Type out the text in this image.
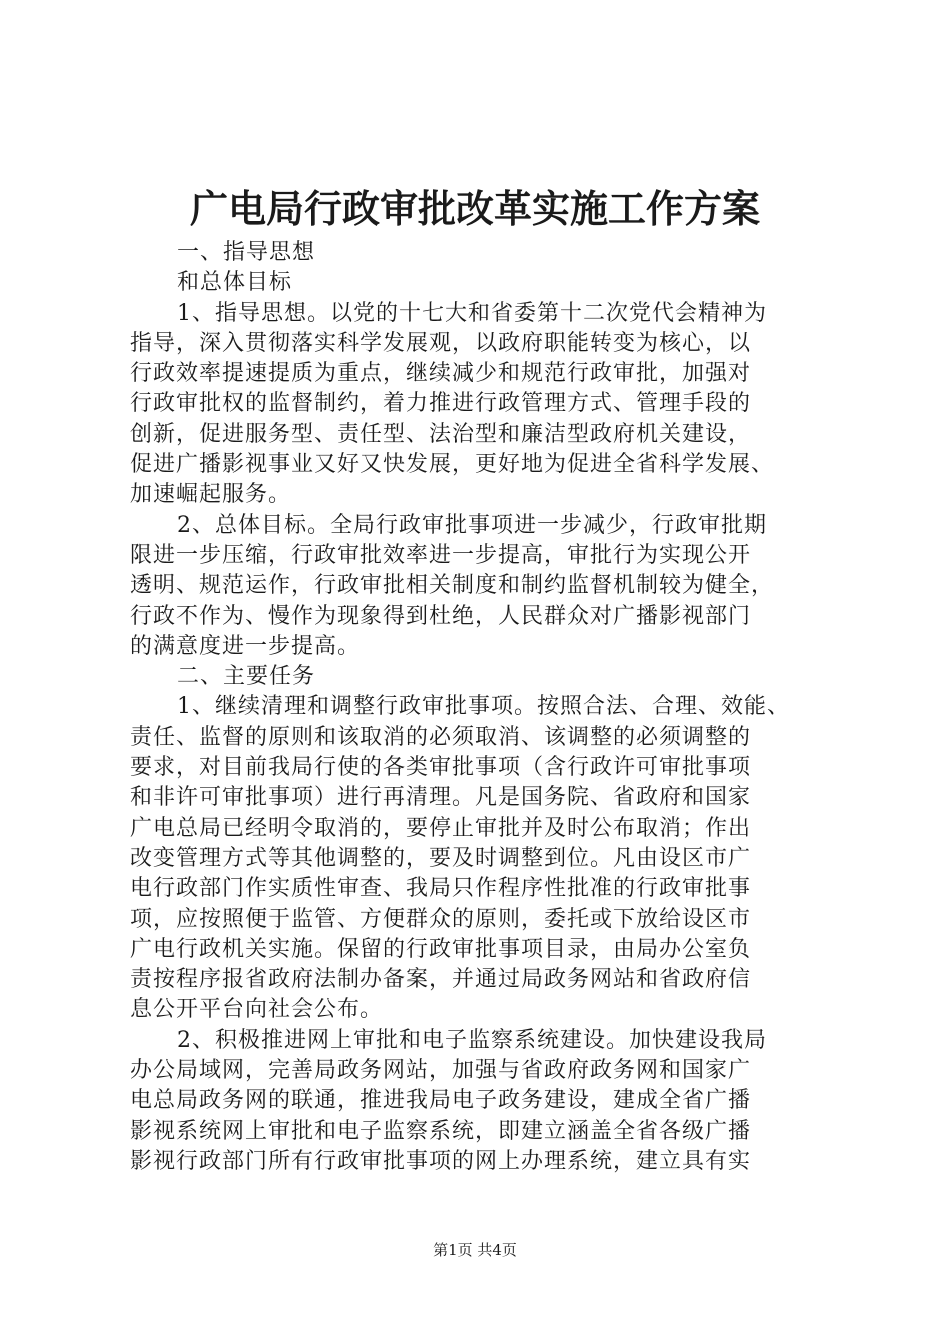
广电局行政审批改革实施工作方案
一、指导思想
和总体目标
1、指导思想。以党的十七大和省委第十二次党代会精神为
指导，深入贯彻落实科学发展观，以政府职能转变为核心，以
行政效率提速提质为重点，继续减少和规范行政审批，加强对
行政审批权的监督制约，着力推进行政管理方式、管理手段的
创新，促进服务型、责任型、法治型和廉洁型政府机关建设，
促进广播影视事业又好又快发展，更好地为促进全省科学发展、
加速崛起服务。
2、总体目标。全局行政审批事项进一步减少，行政审批期
限进一步压缩，行政审批效率进一步提高，审批行为实现公开
透明、规范运作，行政审批相关制度和制约监督机制较为健全，
行政不作为、慢作为现象得到杜绝，人民群众对广播影视部门
的满意度进一步提高。
二、主要任务
1、继续清理和调整行政审批事项。按照合法、合理、效能、
责任、监督的原则和该取消的必须取消、该调整的必须调整的
要求，对目前我局行使的各类审批事项（含行政许可审批事项
和非许可审批事项）进行再清理。凡是国务院、省政府和国家
广电总局已经明令取消的，要停止审批并及时公布取消；作出
改变管理方式等其他调整的，要及时调整到位。凡由设区市广
电行政部门作实质性审查、我局只作程序性批准的行政审批事
项，应按照便于监管、方便群众的原则，委托或下放给设区市
广电行政机关实施。保留的行政审批事项目录，由局办公室负
责按程序报省政府法制办备案，并通过局政务网站和省政府信
息公开平台向社会公布。
2、积极推进网上审批和电子监察系统建设。加快建设我局
办公局域网，完善局政务网站，加强与省政府政务网和国家广
电总局政务网的联通，推进我局电子政务建设，建成全省广播
影视系统网上审批和电子监察系统，即建立涵盖全省各级广播
影视行政部门所有行政审批事项的网上办理系统，建立具有实
第1页 共4页
